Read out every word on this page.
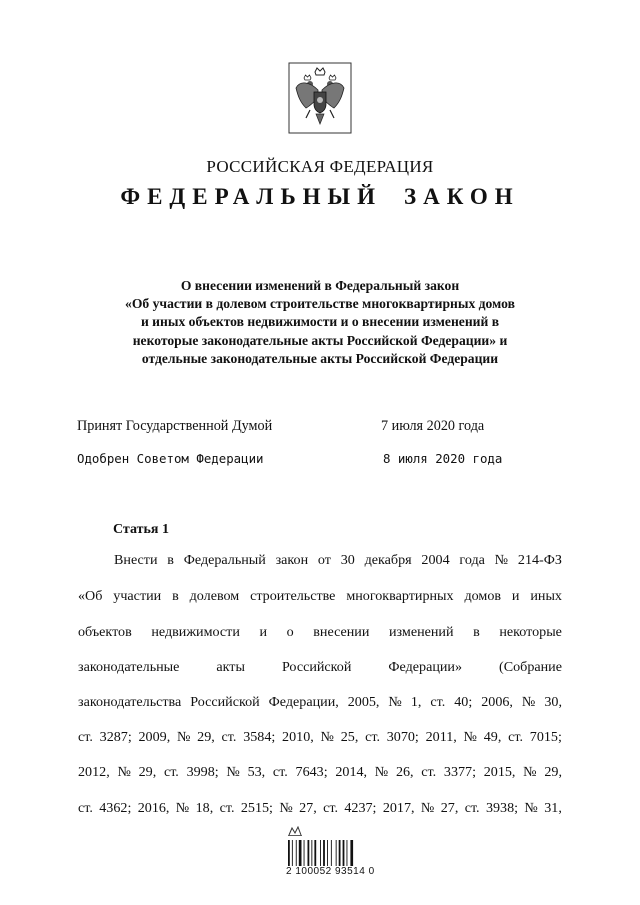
РОССИЙСКАЯ ФЕДЕРАЦИЯ
ФЕДЕРАЛЬНЫЙ ЗАКОН
О внесении изменений в Федеральный закон
«Об участии в долевом строительстве многоквартирных домов
и иных объектов недвижимости и о внесении изменений в
некоторые законодательные акты Российской Федерации» и
отдельные законодательные акты Российской Федерации
Принят Государственной Думой	7 июля 2020 года
Одобрен Советом Федерации	8 июля 2020 года
Статья 1
Внести в Федеральный закон от 30 декабря 2004 года № 214-ФЗ
«Об участии в долевом строительстве многоквартирных домов и иных
объектов недвижимости и о внесении изменений в некоторые
законодательные	акты	Российской	Федерации»	(Собрание
законодательства Российской Федерации, 2005, № 1, ст. 40; 2006, № 30,
ст. 3287; 2009, № 29, ст. 3584; 2010, № 25, ст. 3070; 2011, № 49, ст. 7015;
2012, № 29, ст. 3998; № 53, ст. 7643; 2014, № 26, ст. 3377; 2015, № 29,
ст. 4362; 2016, № 18, ст. 2515; № 27, ст. 4237; 2017, № 27, ст. 3938; № 31,
2 100052 93514 0
